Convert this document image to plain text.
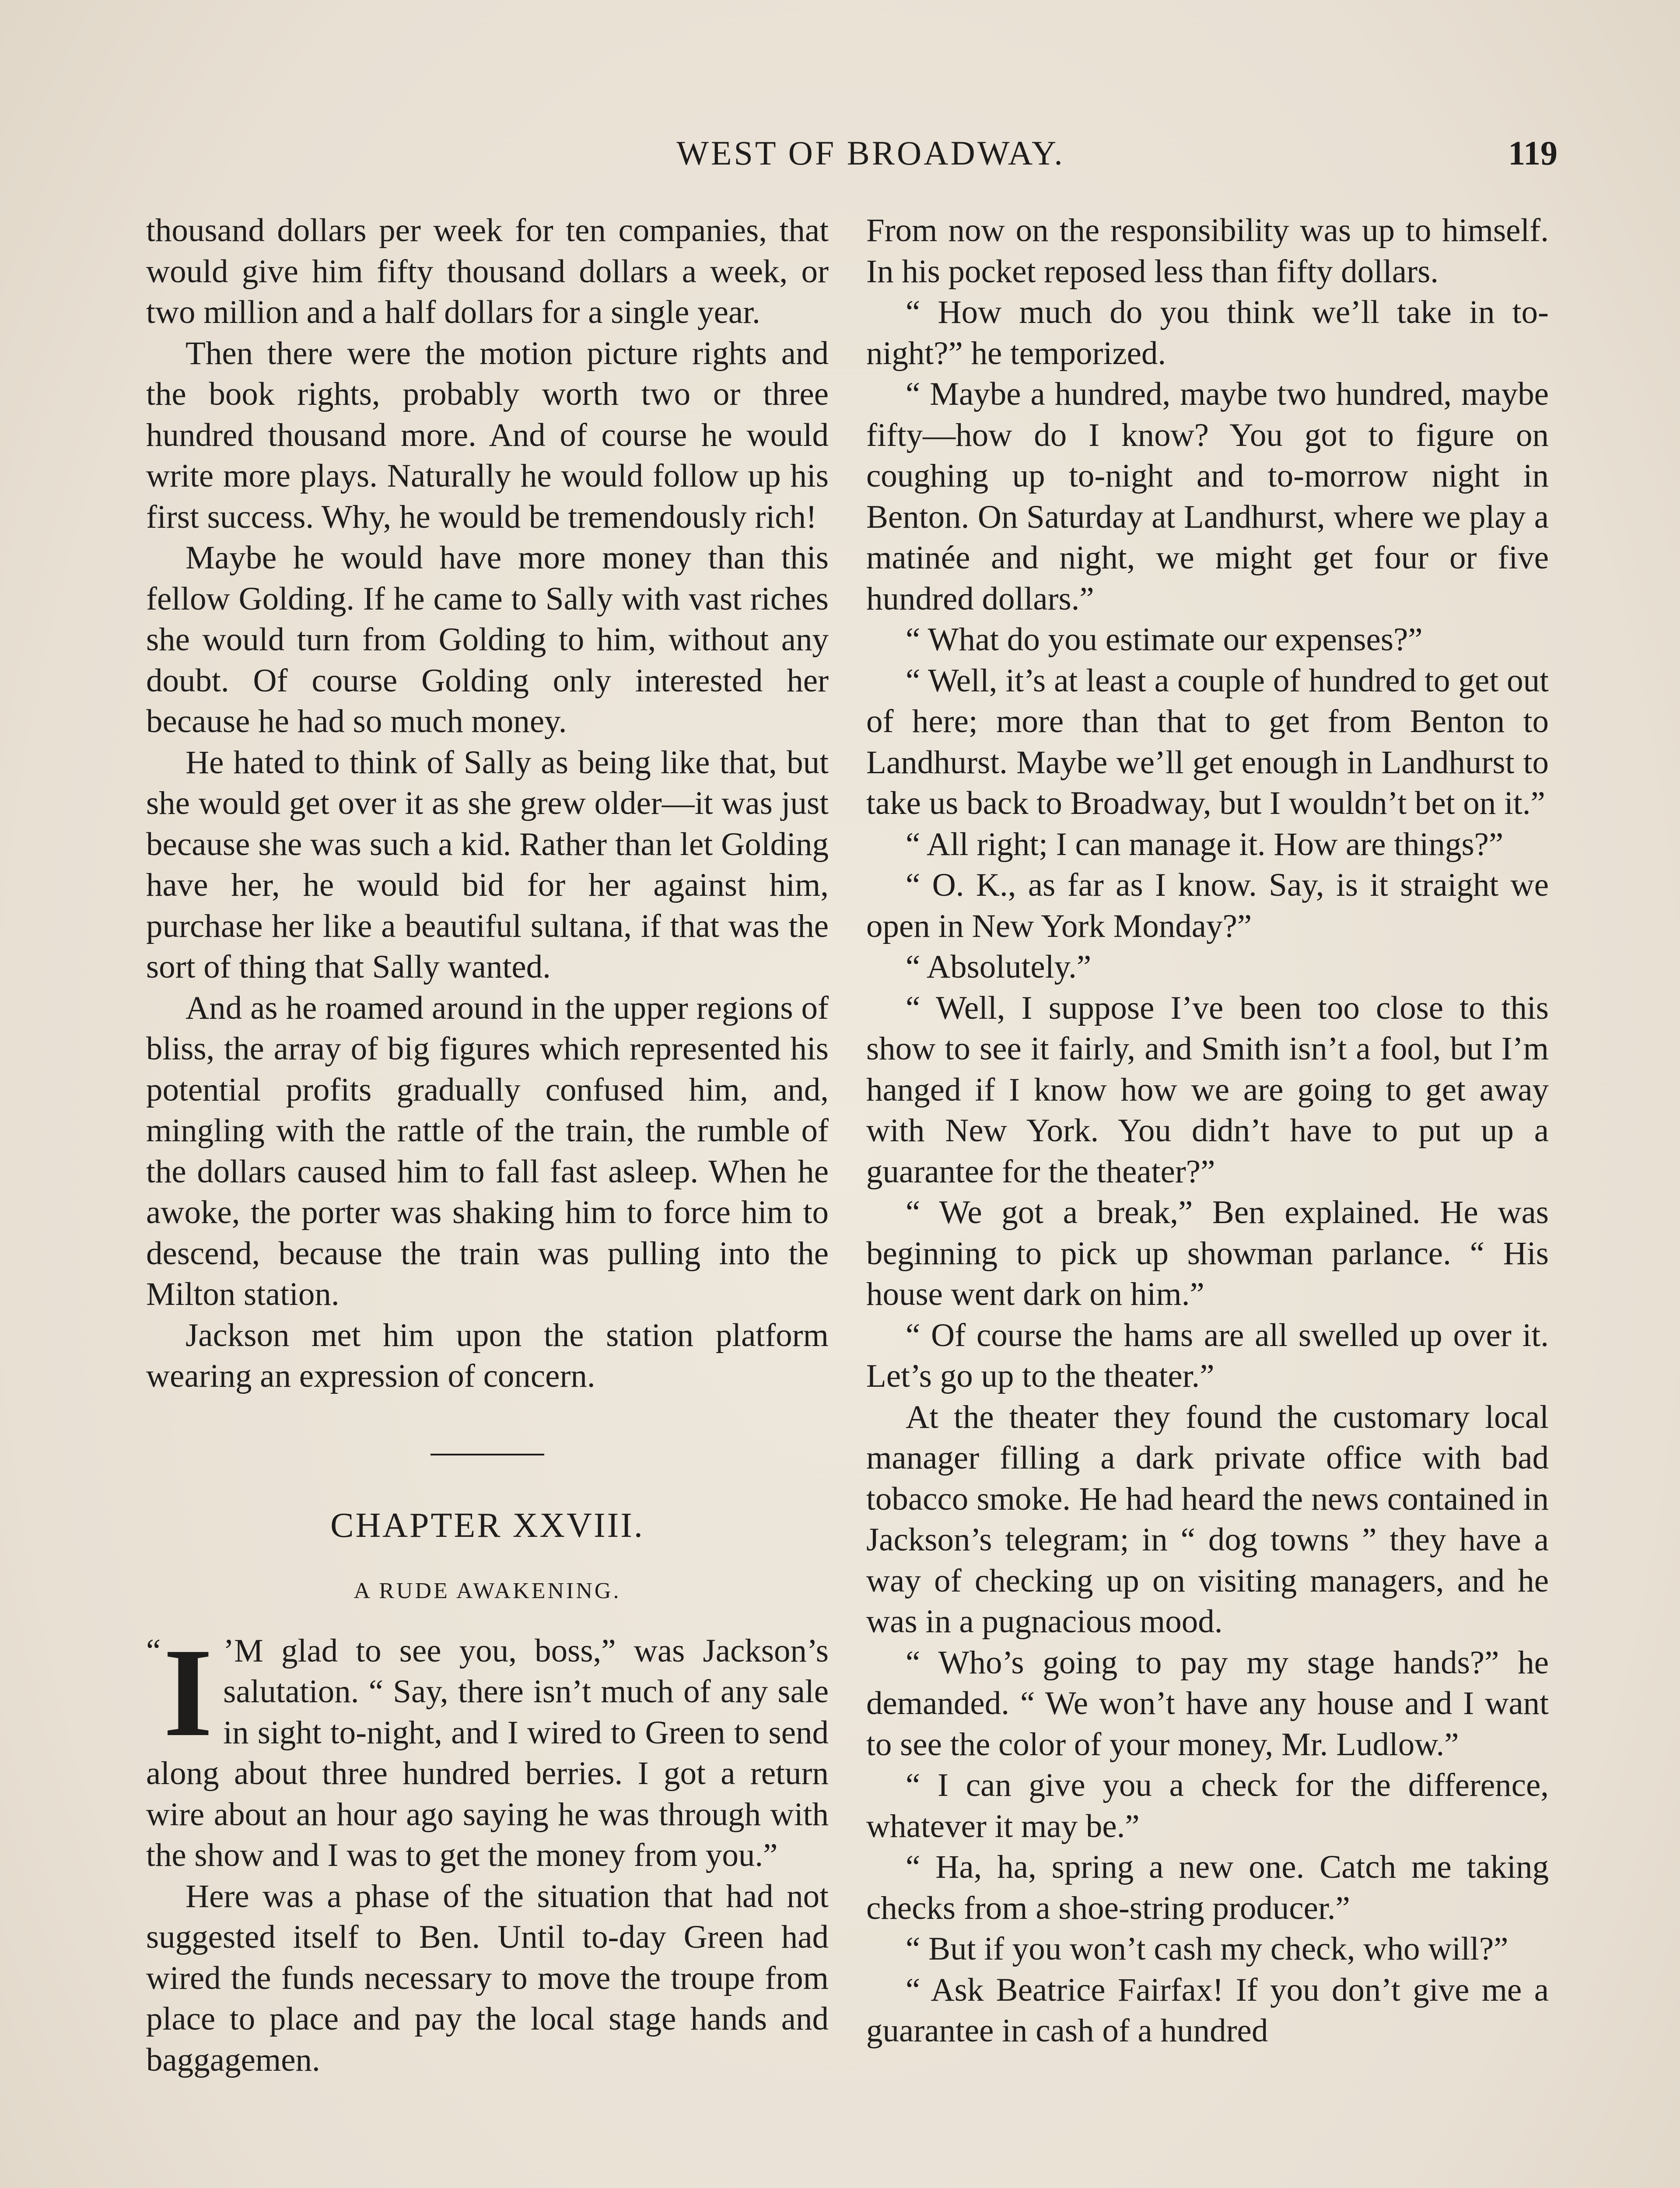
WEST OF BROADWAY.	119

thousand dollars per week for ten companies, that would give him fifty thousand dollars a week, or two million and a half dollars for a single year.

Then there were the motion picture rights and the book rights, probably worth two or three hundred thousand more. And of course he would write more plays. Naturally he would follow up his first success. Why, he would be tremendously rich!

Maybe he would have more money than this fellow Golding. If he came to Sally with vast riches she would turn from Golding to him, without any doubt. Of course Golding only interested her because he had so much money.

He hated to think of Sally as being like that, but she would get over it as she grew older—it was just because she was such a kid. Rather than let Golding have her, he would bid for her against him, purchase her like a beautiful sultana, if that was the sort of thing that Sally wanted.

And as he roamed around in the upper regions of bliss, the array of big figures which represented his potential profits gradually confused him, and, mingling with the rattle of the train, the rumble of the dollars caused him to fall fast asleep. When he awoke, the porter was shaking him to force him to descend, because the train was pulling into the Milton station.

Jackson met him upon the station platform wearing an expression of concern.

CHAPTER XXVIII.
A RUDE AWAKENING.

“ I ’M glad to see you, boss,” was Jackson’s salutation. “ Say, there isn’t much of any sale in sight to-night, and I wired to Green to send along about three hundred berries. I got a return wire about an hour ago saying he was through with the show and I was to get the money from you.”

Here was a phase of the situation that had not suggested itself to Ben. Until to-day Green had wired the funds necessary to move the troupe from place to place and pay the local stage hands and baggagemen.

From now on the responsibility was up to himself. In his pocket reposed less than fifty dollars.

“ How much do you think we’ll take in to-night?” he temporized.

“ Maybe a hundred, maybe two hundred, maybe fifty—how do I know? You got to figure on coughing up to-night and to-morrow night in Benton. On Saturday at Landhurst, where we play a matinée and night, we might get four or five hundred dollars.”

“ What do you estimate our expenses?”

“ Well, it’s at least a couple of hundred to get out of here; more than that to get from Benton to Landhurst. Maybe we’ll get enough in Landhurst to take us back to Broadway, but I wouldn’t bet on it.”

“ All right; I can manage it. How are things?”

“ O. K., as far as I know. Say, is it straight we open in New York Monday?”

“ Absolutely.”

“ Well, I suppose I’ve been too close to this show to see it fairly, and Smith isn’t a fool, but I’m hanged if I know how we are going to get away with New York. You didn’t have to put up a guarantee for the theater?”

“ We got a break,” Ben explained. He was beginning to pick up showman parlance. “ His house went dark on him.”

“ Of course the hams are all swelled up over it. Let’s go up to the theater.”

At the theater they found the customary local manager filling a dark private office with bad tobacco smoke. He had heard the news contained in Jackson’s telegram; in “ dog towns ” they have a way of checking up on visiting managers, and he was in a pugnacious mood.

“ Who’s going to pay my stage hands?” he demanded. “ We won’t have any house and I want to see the color of your money, Mr. Ludlow.”

“ I can give you a check for the difference, whatever it may be.”

“ Ha, ha, spring a new one. Catch me taking checks from a shoe-string producer.”

“ But if you won’t cash my check, who will?”

“ Ask Beatrice Fairfax! If you don’t give me a guarantee in cash of a hundred
